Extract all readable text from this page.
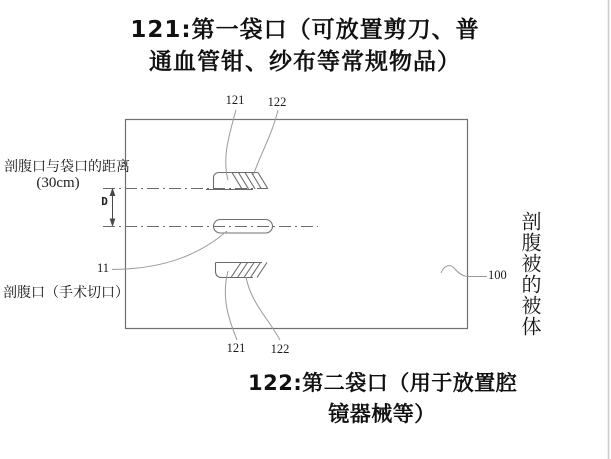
121:第一袋口（可放置剪刀、普
通血管钳、纱布等常规物品）
122:第二袋口（用于放置腔
镜器械等）
剖腹口与袋口的距离
(30cm)
剖腹口（手术切口）	剖腹被的被体
121 122
121 122
11	100
D
